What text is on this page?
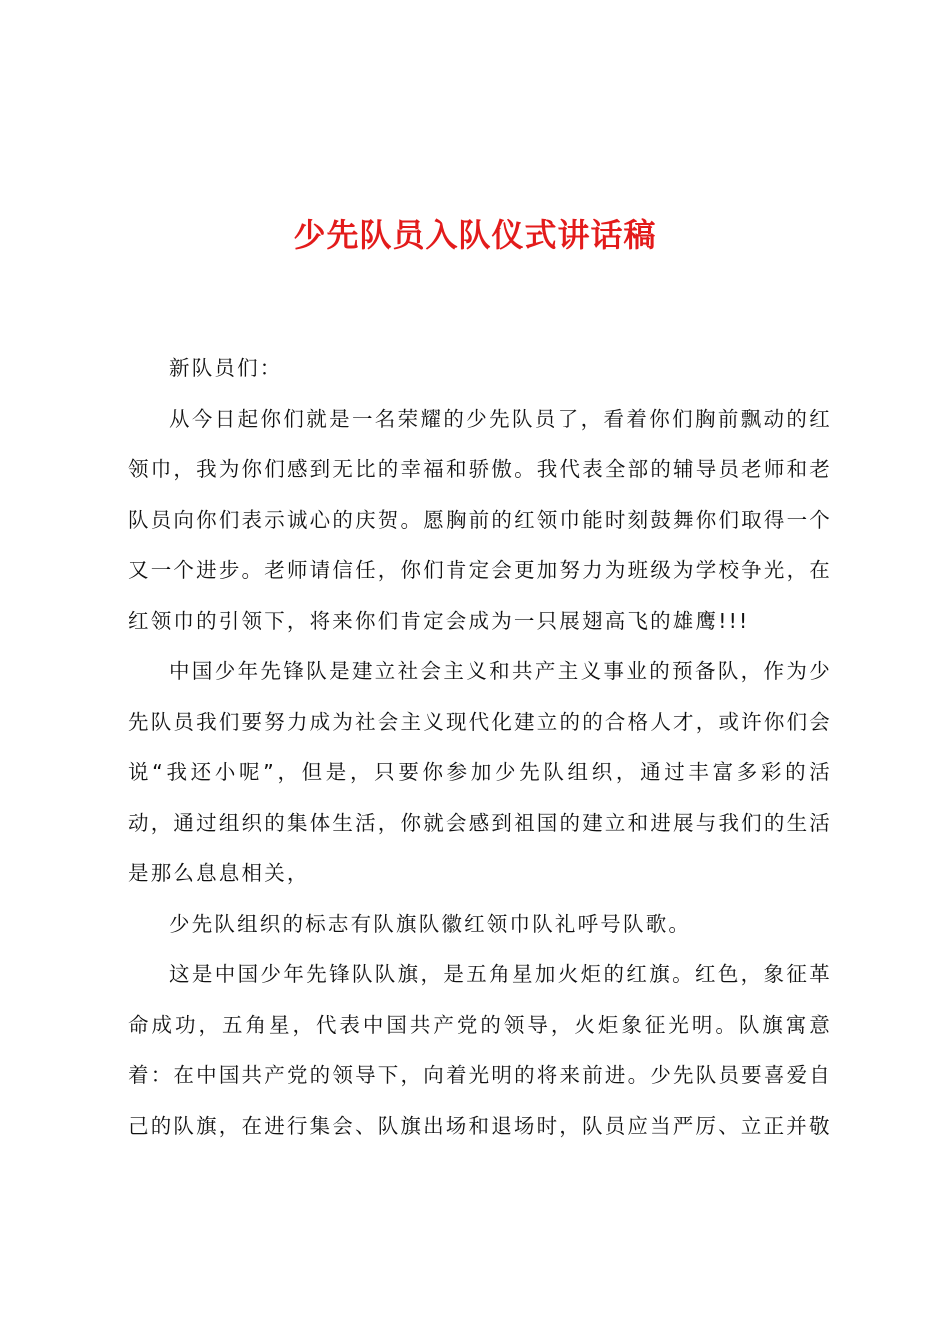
少先队员入队仪式讲话稿

新队员们：

从今日起你们就是一名荣耀的少先队员了，看着你们胸前飘动的红领巾，我为你们感到无比的幸福和骄傲。我代表全部的辅导员老师和老队员向你们表示诚心的庆贺。愿胸前的红领巾能时刻鼓舞你们取得一个又一个进步。老师请信任，你们肯定会更加努力为班级为学校争光，在红领巾的引领下，将来你们肯定会成为一只展翅高飞的雄鹰!!!

中国少年先锋队是建立社会主义和共产主义事业的预备队，作为少先队员我们要努力成为社会主义现代化建立的的合格人才，或许你们会说“我还小呢”，但是，只要你参加少先队组织，通过丰富多彩的活动，通过组织的集体生活，你就会感到祖国的建立和进展与我们的生活是那么息息相关，

少先队组织的标志有队旗队徽红领巾队礼呼号队歌。

这是中国少年先锋队队旗，是五角星加火炬的红旗。红色，象征革命成功，五角星，代表中国共产党的领导，火炬象征光明。队旗寓意着：在中国共产党的领导下，向着光明的将来前进。少先队员要喜爱自己的队旗，在进行集会、队旗出场和退场时，队员应当严厉、立正并敬
